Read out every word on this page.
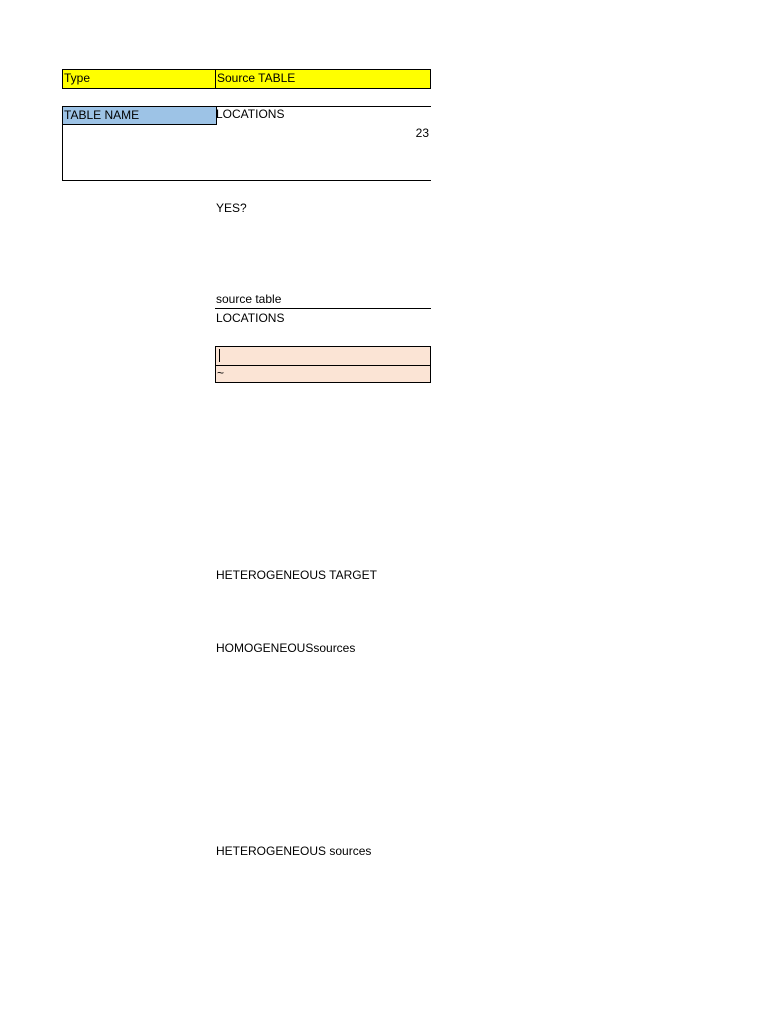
Type	Source TABLE
TABLE NAME	LOCATIONS
23
YES?
source table
LOCATIONS
~
HETEROGENEOUS TARGET
HOMOGENEOUSsources
HETEROGENEOUS sources
